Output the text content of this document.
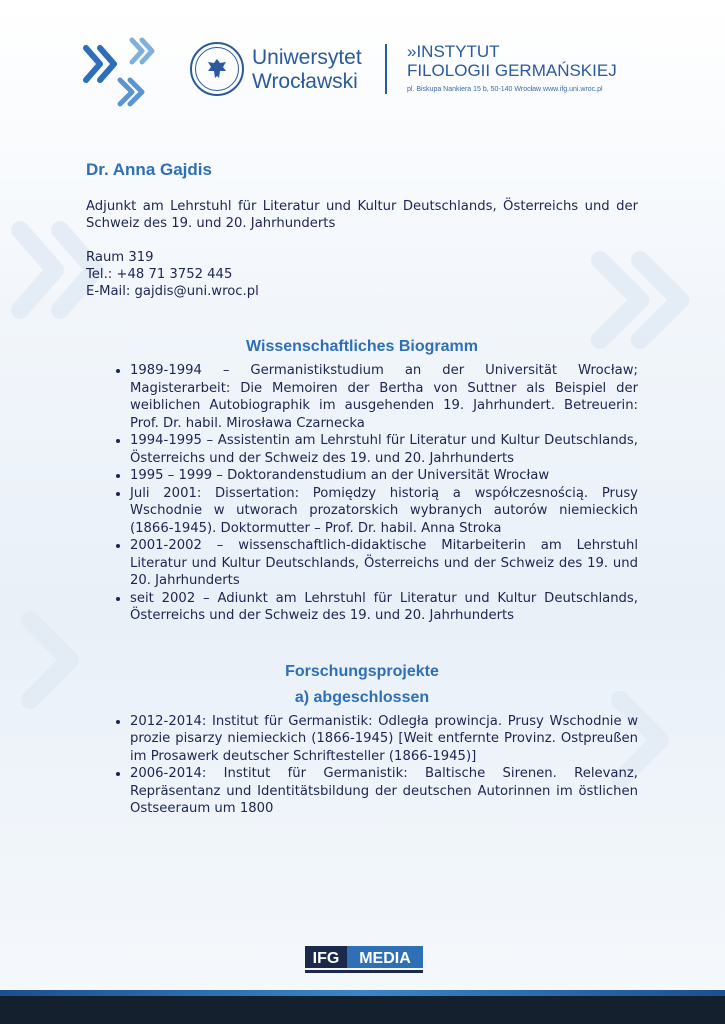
Uniwersytet
Wrocławski
»INSTYTUT
FILOLOGII GERMAŃSKIEJ
pl. Biskupa Nankiera 15 b, 50-140 Wrocław www.ifg.uni.wroc.pl
Dr. Anna Gajdis

Adjunkt am Lehrstuhl für Literatur und Kultur Deutschlands, Österreichs und der Schweiz des 19. und 20. Jahrhunderts

Raum 319

Tel.: +48 71 3752 445

E-Mail: gajdis@uni.wroc.pl

Wissenschaftliches Biogramm
• 1989-1994 – Germanistikstudium an der Universität Wrocław; Magisterarbeit: Die Memoiren der Bertha von Suttner als Beispiel der weiblichen Autobiographik im ausgehenden 19. Jahrhundert. Betreuerin: Prof. Dr. habil. Mirosława Czarnecka
• 1994-1995 – Assistentin am Lehrstuhl für Literatur und Kultur Deutschlands, Österreichs und der Schweiz des 19. und 20. Jahrhunderts
• 1995 – 1999 – Doktorandenstudium an der Universität Wrocław
• Juli 2001: Dissertation: Pomiędzy historią a współczesnością. Prusy Wschodnie w utworach prozatorskich wybranych autorów niemieckich (1866-1945). Doktormutter – Prof. Dr. habil. Anna Stroka
• 2001-2002 – wissenschaftlich-didaktische Mitarbeiterin am Lehrstuhl Literatur und Kultur Deutschlands, Österreichs und der Schweiz des 19. und 20. Jahrhunderts
• seit 2002 – Adiunkt am Lehrstuhl für Literatur und Kultur Deutschlands, Österreichs und der Schweiz des 19. und 20. Jahrhunderts
Forschungsprojekte
a) abgeschlossen
• 2012-2014: Institut für Germanistik: Odległa prowincja. Prusy Wschodnie w prozie pisarzy niemieckich (1866-1945) [Weit entfernte Provinz. Ostpreußen im Prosawerk deutscher Schriftesteller (1866-1945)]
• 2006-2014: Institut für Germanistik: Baltische Sirenen. Relevanz, Repräsentanz und Identitätsbildung der deutschen Autorinnen im östlichen Ostseeraum um 1800
IFG MEDIA
